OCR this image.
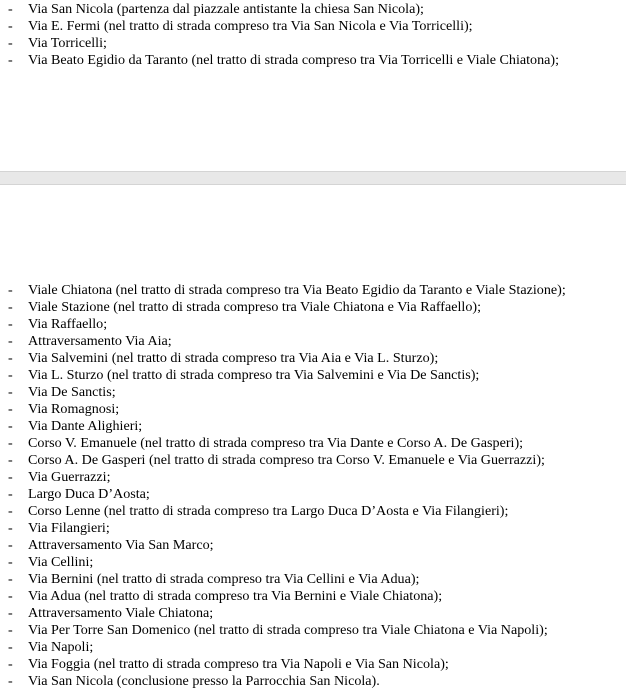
- Via San Nicola (partenza dal piazzale antistante la chiesa San Nicola);
- Via E. Fermi (nel tratto di strada compreso tra Via San Nicola e Via Torricelli);
- Via Torricelli;
- Via Beato Egidio da Taranto (nel tratto di strada compreso tra Via Torricelli e Viale Chiatona);
- Viale Chiatona (nel tratto di strada compreso tra Via Beato Egidio da Taranto e Viale Stazione);
- Viale Stazione (nel tratto di strada compreso tra Viale Chiatona e Via Raffaello);
- Via Raffaello;
- Attraversamento Via Aia;
- Via Salvemini (nel tratto di strada compreso tra Via Aia e Via L. Sturzo);
- Via L. Sturzo (nel tratto di strada compreso tra Via Salvemini e Via De Sanctis);
- Via De Sanctis;
- Via Romagnosi;
- Via Dante Alighieri;
- Corso V. Emanuele (nel tratto di strada compreso tra Via Dante e Corso A. De Gasperi);
- Corso A. De Gasperi (nel tratto di strada compreso tra Corso V. Emanuele e Via Guerrazzi);
- Via Guerrazzi;
- Largo Duca D’Aosta;
- Corso Lenne (nel tratto di strada compreso tra Largo Duca D’Aosta e Via Filangieri);
- Via Filangieri;
- Attraversamento Via San Marco;
- Via Cellini;
- Via Bernini (nel tratto di strada compreso tra Via Cellini e Via Adua);
- Via Adua (nel tratto di strada compreso tra Via Bernini e Viale Chiatona);
- Attraversamento Viale Chiatona;
- Via Per Torre San Domenico (nel tratto di strada compreso tra Viale Chiatona e Via Napoli);
- Via Napoli;
- Via Foggia (nel tratto di strada compreso tra Via Napoli e Via San Nicola);
- Via San Nicola (conclusione presso la Parrocchia San Nicola).
